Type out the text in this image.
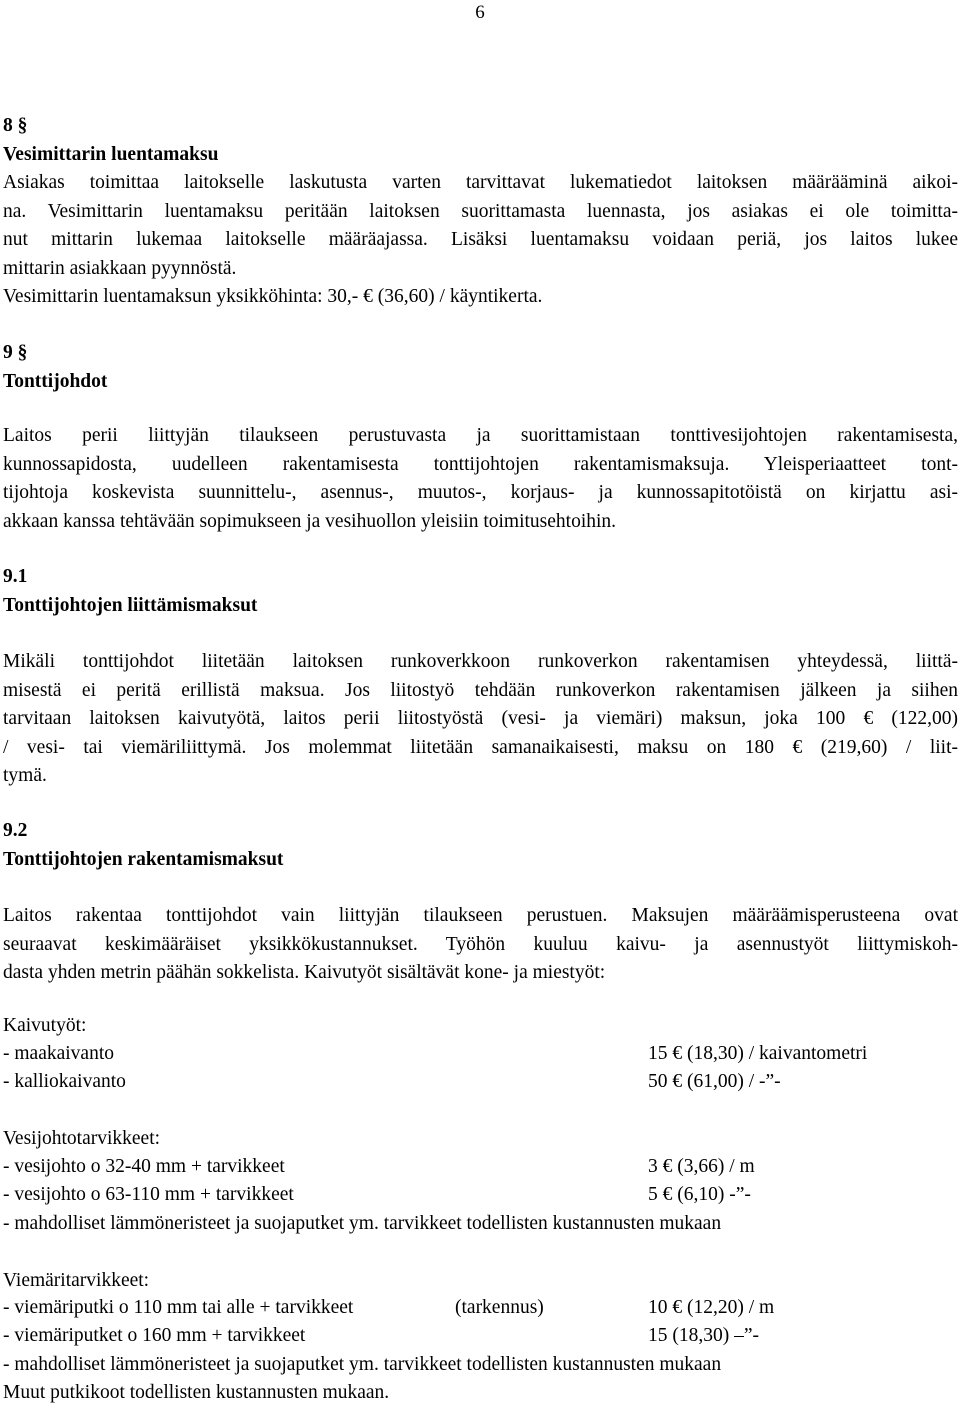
6
8 §
Vesimittarin luentamaksu
Asiakas toimittaa laitokselle laskutusta varten tarvittavat lukematiedot laitoksen määrääminä aikoi-
na. Vesimittarin luentamaksu peritään laitoksen suorittamasta luennasta, jos asiakas ei ole toimitta-
nut mittarin lukemaa laitokselle määräajassa. Lisäksi luentamaksu voidaan periä, jos laitos lukee
mittarin asiakkaan pyynnöstä.
Vesimittarin luentamaksun yksikköhinta: 30,- € (36,60) / käyntikerta.
9 §
Tonttijohdot
Laitos perii liittyjän tilaukseen perustuvasta ja suorittamistaan tonttivesijohtojen rakentamisesta,
kunnossapidosta, uudelleen rakentamisesta tonttijohtojen rakentamismaksuja. Yleisperiaatteet tont-
tijohtoja koskevista suunnittelu-, asennus-, muutos-, korjaus- ja kunnossapitotöistä on kirjattu asi-
akkaan kanssa tehtävään sopimukseen ja vesihuollon yleisiin toimitusehtoihin.
9.1
Tonttijohtojen liittämismaksut
Mikäli tonttijohdot liitetään laitoksen runkoverkkoon runkoverkon rakentamisen yhteydessä, liittä-
misestä ei peritä erillistä maksua. Jos liitostyö tehdään runkoverkon rakentamisen jälkeen ja siihen
tarvitaan laitoksen kaivutyötä, laitos perii liitostyöstä (vesi- ja viemäri) maksun, joka 100 € (122,00)
/ vesi- tai viemäriliittymä. Jos molemmat liitetään samanaikaisesti, maksu on 180 € (219,60) / liit-
tymä.
9.2
Tonttijohtojen rakentamismaksut
Laitos rakentaa tonttijohdot vain liittyjän tilaukseen perustuen. Maksujen määräämisperusteena ovat
seuraavat keskimääräiset yksikkökustannukset. Työhön kuuluu kaivu- ja asennustyöt liittymiskoh-
dasta yhden metrin päähän sokkelista. Kaivutyöt sisältävät kone- ja miestyöt:
Kaivutyöt:
- maakaivanto	15 € (18,30) / kaivantometri
- kalliokaivanto	50 € (61,00) / -”-
Vesijohtotarvikkeet:
- vesijohto o 32-40 mm + tarvikkeet	3 € (3,66) / m
- vesijohto o 63-110 mm + tarvikkeet	5 € (6,10) -”-
- mahdolliset lämmöneristeet ja suojaputket ym. tarvikkeet todellisten kustannusten mukaan
Viemäritarvikkeet:
- viemäriputki o 110 mm tai alle + tarvikkeet	(tarkennus)	10 € (12,20) / m
- viemäriputket o 160 mm + tarvikkeet	15 (18,30) –”-
- mahdolliset lämmöneristeet ja suojaputket ym. tarvikkeet todellisten kustannusten mukaan
Muut putkikoot todellisten kustannusten mukaan.
